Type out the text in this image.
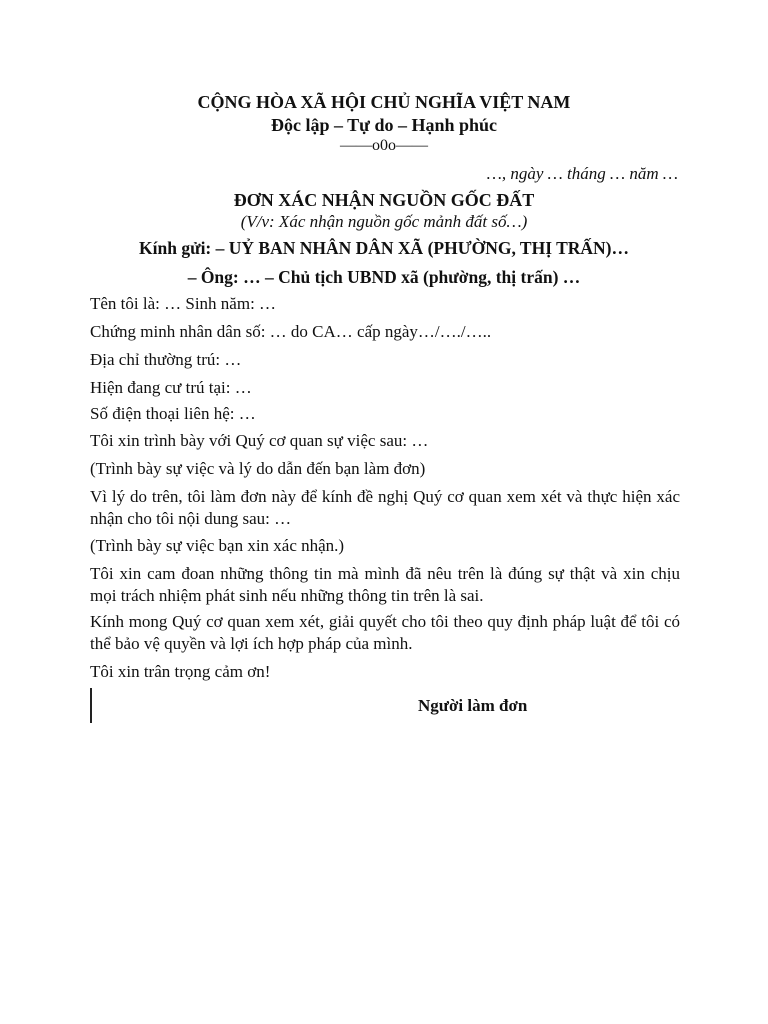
CỘNG HÒA XÃ HỘI CHỦ NGHĨA VIỆT NAM
Độc lập – Tự do – Hạnh phúc
——o0o——
…, ngày … tháng … năm …
ĐƠN XÁC NHẬN NGUỒN GỐC ĐẤT
(V/v: Xác nhận nguồn gốc mảnh đất số…)
Kính gửi: – UỶ BAN NHÂN DÂN XÃ (PHƯỜNG, THỊ TRẤN)…
– Ông: … – Chủ tịch UBND xã (phường, thị trấn) …
Tên tôi là: … Sinh năm: …
Chứng minh nhân dân số: … do CA… cấp ngày…/…./…..
Địa chỉ thường trú: …
Hiện đang cư trú tại: …
Số điện thoại liên hệ: …
Tôi xin trình bày với Quý cơ quan sự việc sau: …
(Trình bày sự việc và lý do dẫn đến bạn làm đơn)
Vì lý do trên, tôi làm đơn này để kính đề nghị Quý cơ quan xem xét và thực hiện xác nhận cho tôi nội dung sau: …
(Trình bày sự việc bạn xin xác nhận.)
Tôi xin cam đoan những thông tin mà mình đã nêu trên là đúng sự thật và xin chịu mọi trách nhiệm phát sinh nếu những thông tin trên là sai.
Kính mong Quý cơ quan xem xét, giải quyết cho tôi theo quy định pháp luật để tôi có thể bảo vệ quyền và lợi ích hợp pháp của mình.
Tôi xin trân trọng cảm ơn!
Người làm đơn
